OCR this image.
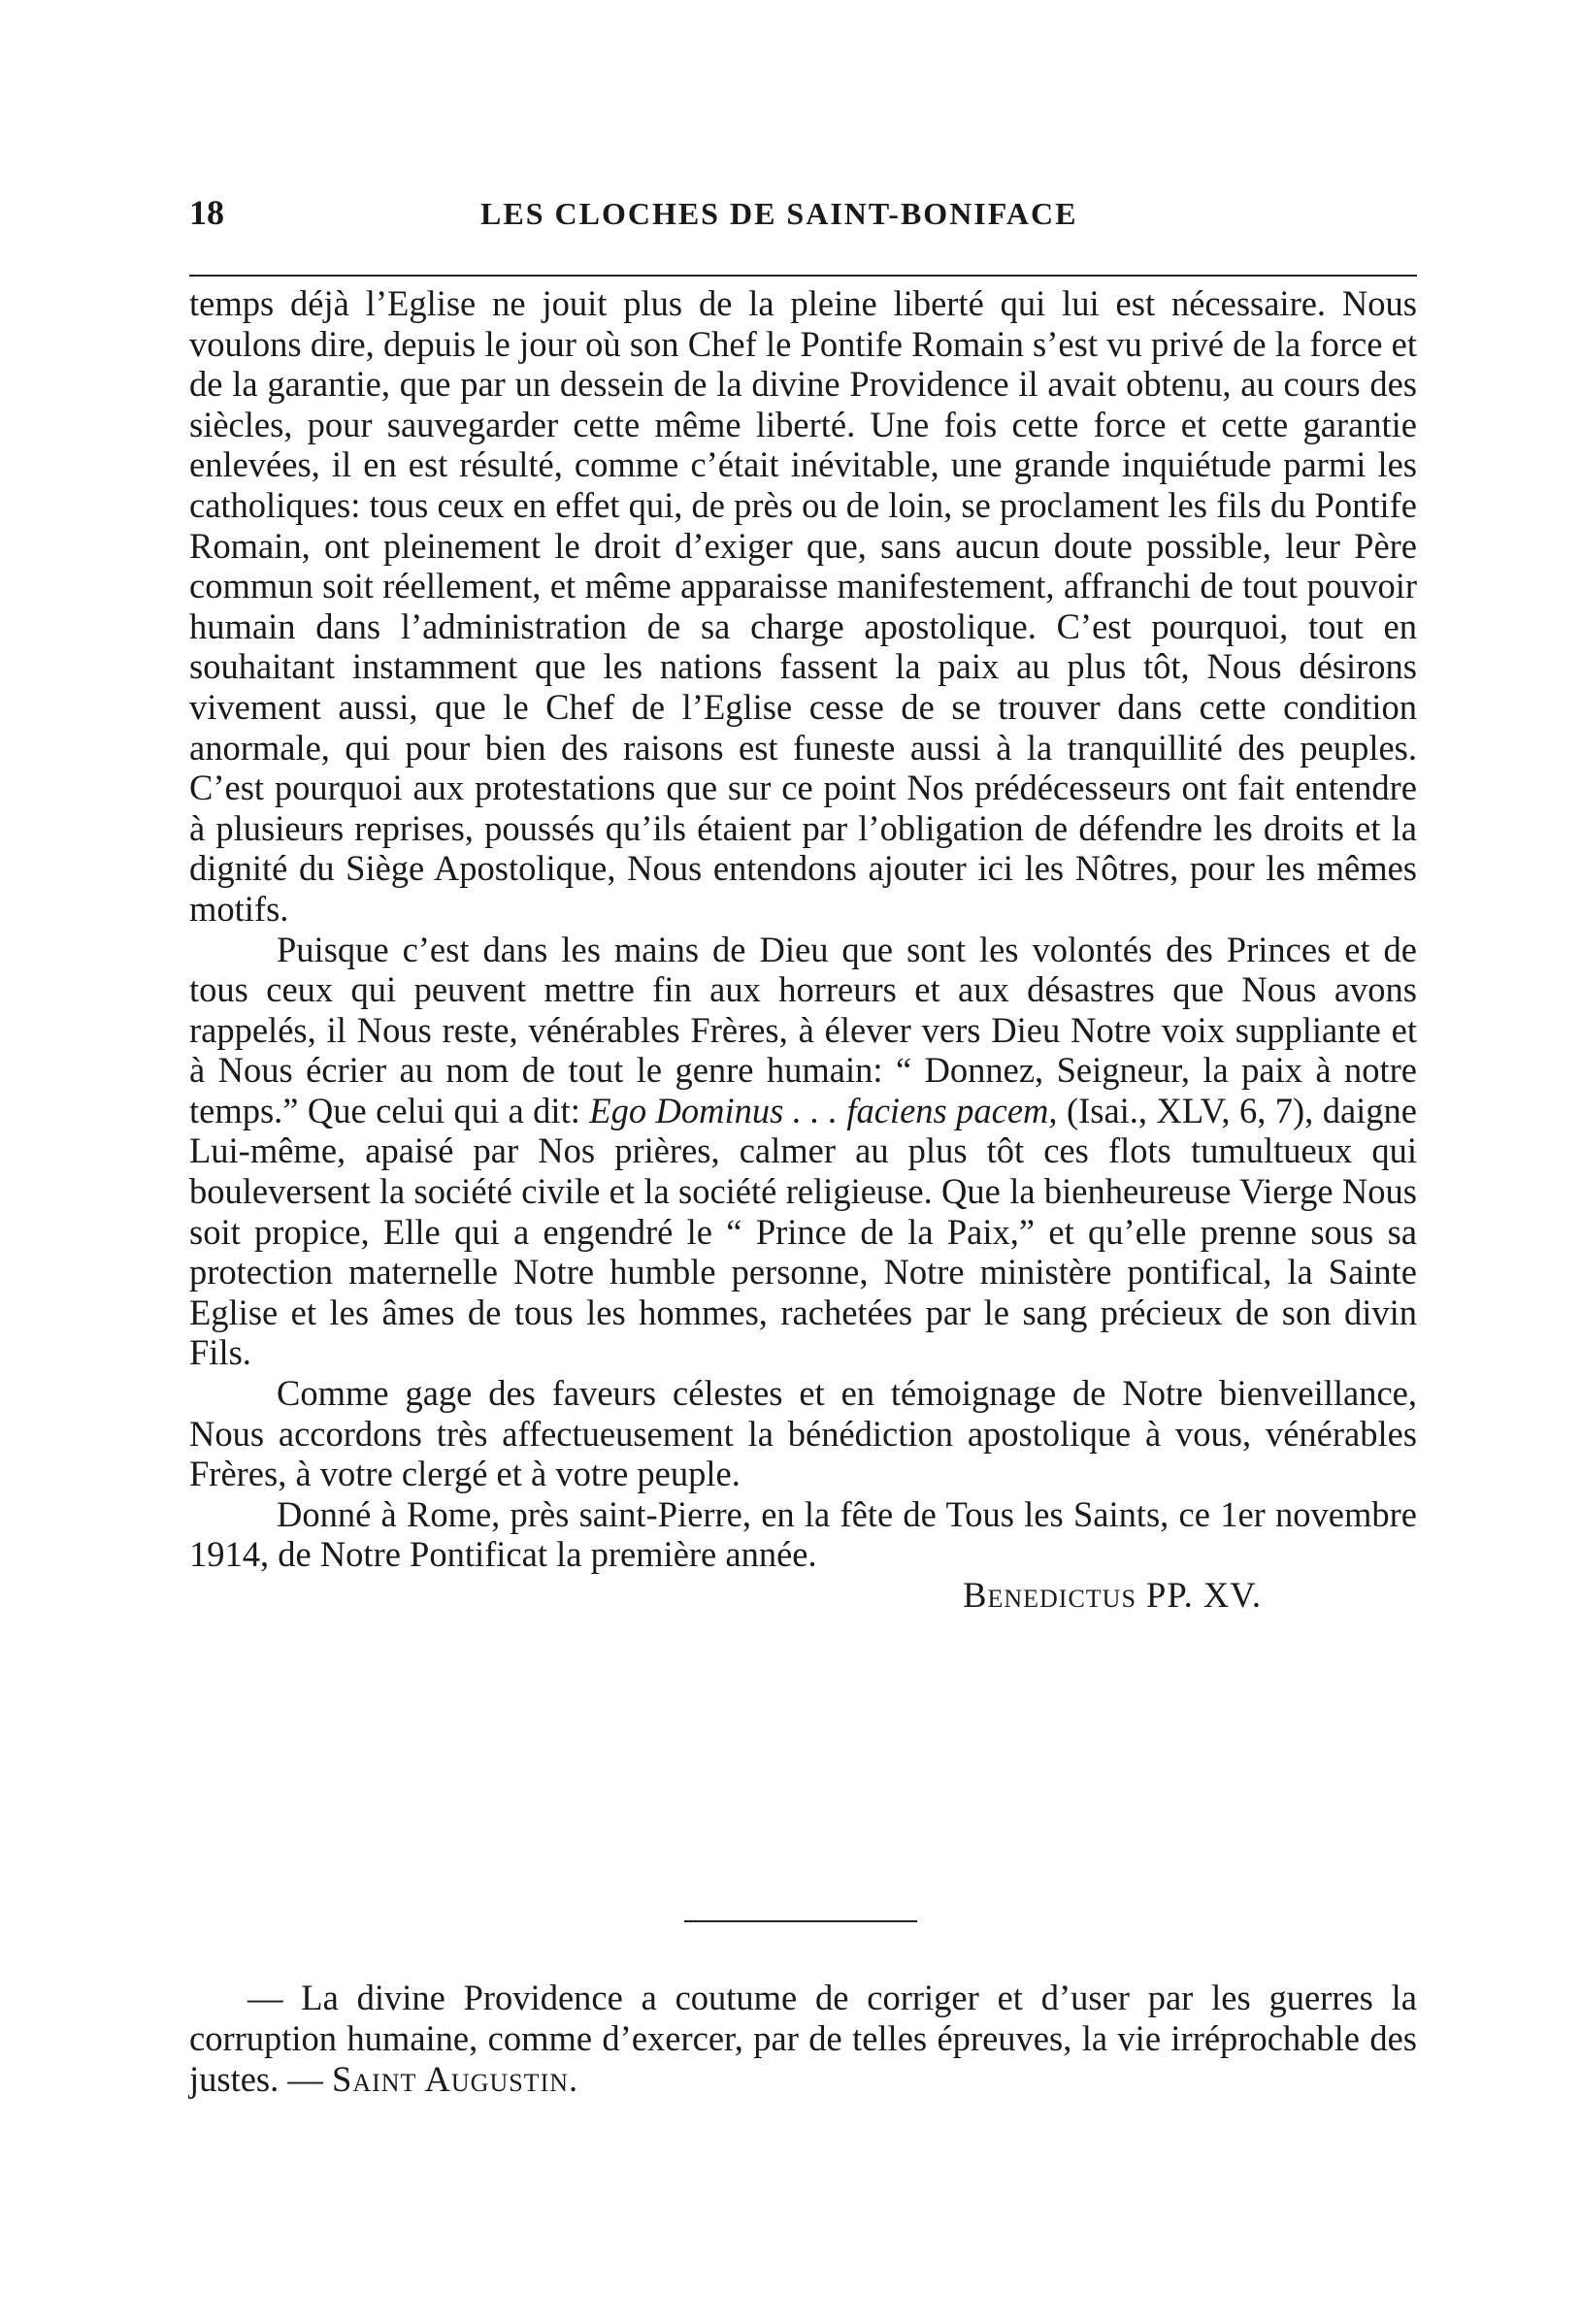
18	LES CLOCHES DE SAINT-BONIFACE

temps déjà l’Eglise ne jouit plus de la pleine liberté qui lui est nécessaire. Nous voulons dire, depuis le jour où son Chef le Pontife Romain s’est vu privé de la force et de la garantie, que par un dessein de la divine Providence il avait obtenu, au cours des siècles, pour sauvegarder cette même liberté. Une fois cette force et cette garantie enlevées, il en est résulté, comme c’était inévitable, une grande inquiétude parmi les catholiques: tous ceux en effet qui, de près ou de loin, se proclament les fils du Pontife Romain, ont pleinement le droit d’exiger que, sans aucun doute possible, leur Père commun soit réellement, et même apparaisse manifestement, affranchi de tout pouvoir humain dans l’administration de sa charge apostolique. C’est pourquoi, tout en souhaitant instamment que les nations fassent la paix au plus tôt, Nous désirons vivement aussi, que le Chef de l’Eglise cesse de se trouver dans cette condition anormale, qui pour bien des raisons est funeste aussi à la tranquillité des peuples. C’est pourquoi aux protestations que sur ce point Nos prédécesseurs ont fait entendre à plusieurs reprises, poussés qu’ils étaient par l’obligation de défendre les droits et la dignité du Siège Apostolique, Nous entendons ajouter ici les Nôtres, pour les mêmes motifs.

Puisque c’est dans les mains de Dieu que sont les volontés des Princes et de tous ceux qui peuvent mettre fin aux horreurs et aux désastres que Nous avons rappelés, il Nous reste, vénérables Frères, à élever vers Dieu Notre voix suppliante et à Nous écrier au nom de tout le genre humain: “ Donnez, Seigneur, la paix à notre temps.” Que celui qui a dit: Ego Dominus . . . faciens pacem, (Isai., XLV, 6, 7), daigne Lui-même, apaisé par Nos prières, calmer au plus tôt ces flots tumultueux qui bouleversent la société civile et la société religieuse. Que la bienheureuse Vierge Nous soit propice, Elle qui a engendré le “ Prince de la Paix,” et qu’elle prenne sous sa protection maternelle Notre humble personne, Notre ministère pontifical, la Sainte Eglise et les âmes de tous les hommes, rachetées par le sang précieux de son divin Fils.

Comme gage des faveurs célestes et en témoignage de Notre bienveillance, Nous accordons très affectueusement la bénédiction apostolique à vous, vénérables Frères, à votre clergé et à votre peuple.

Donné à Rome, près saint-Pierre, en la fête de Tous les Saints, ce 1er novembre 1914, de Notre Pontificat la première année.

Benedictus PP. XV.

— La divine Providence a coutume de corriger et d’user par les guerres la corruption humaine, comme d’exercer, par de telles épreuves, la vie irréprochable des justes. — Saint Augustin.
